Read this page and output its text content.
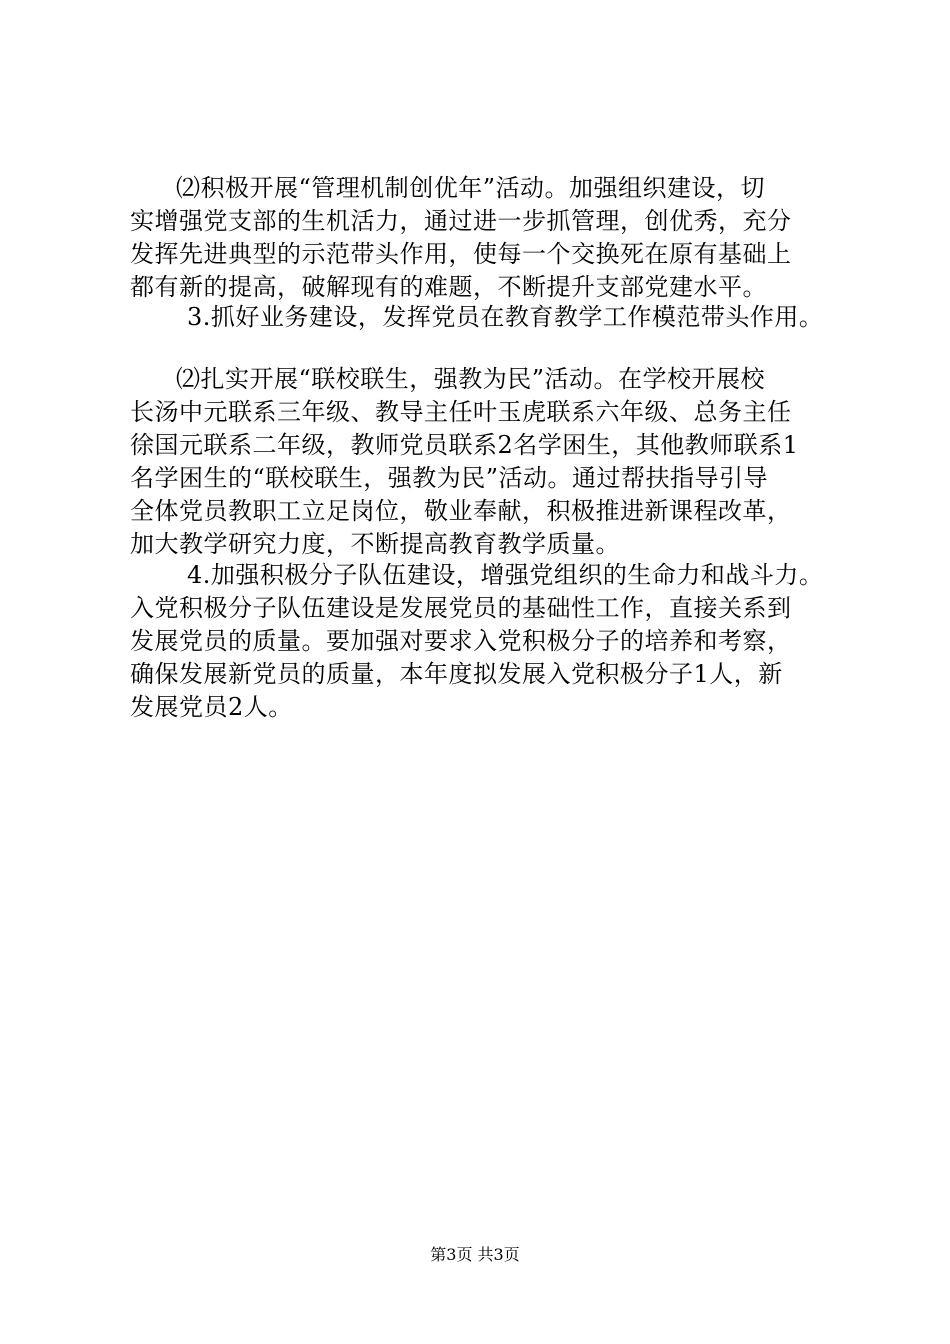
⑵积极开展“管理机制创优年”活动。加强组织建设，切
实增强党支部的生机活力，通过进一步抓管理，创优秀，充分
发挥先进典型的示范带头作用，使每一个交换死在原有基础上
都有新的提高，破解现有的难题，不断提升支部党建水平。
3.抓好业务建设，发挥党员在教育教学工作模范带头作用。
⑵扎实开展“联校联生，强教为民”活动。在学校开展校
长汤中元联系三年级、教导主任叶玉虎联系六年级、总务主任
徐国元联系二年级，教师党员联系2名学困生，其他教师联系1
名学困生的“联校联生，强教为民”活动。通过帮扶指导引导
全体党员教职工立足岗位，敬业奉献，积极推进新课程改革，
加大教学研究力度，不断提高教育教学质量。
4.加强积极分子队伍建设，增强党组织的生命力和战斗力。
入党积极分子队伍建设是发展党员的基础性工作，直接关系到
发展党员的质量。要加强对要求入党积极分子的培养和考察，
确保发展新党员的质量，本年度拟发展入党积极分子1人，新
发展党员2人。
第3页 共3页
